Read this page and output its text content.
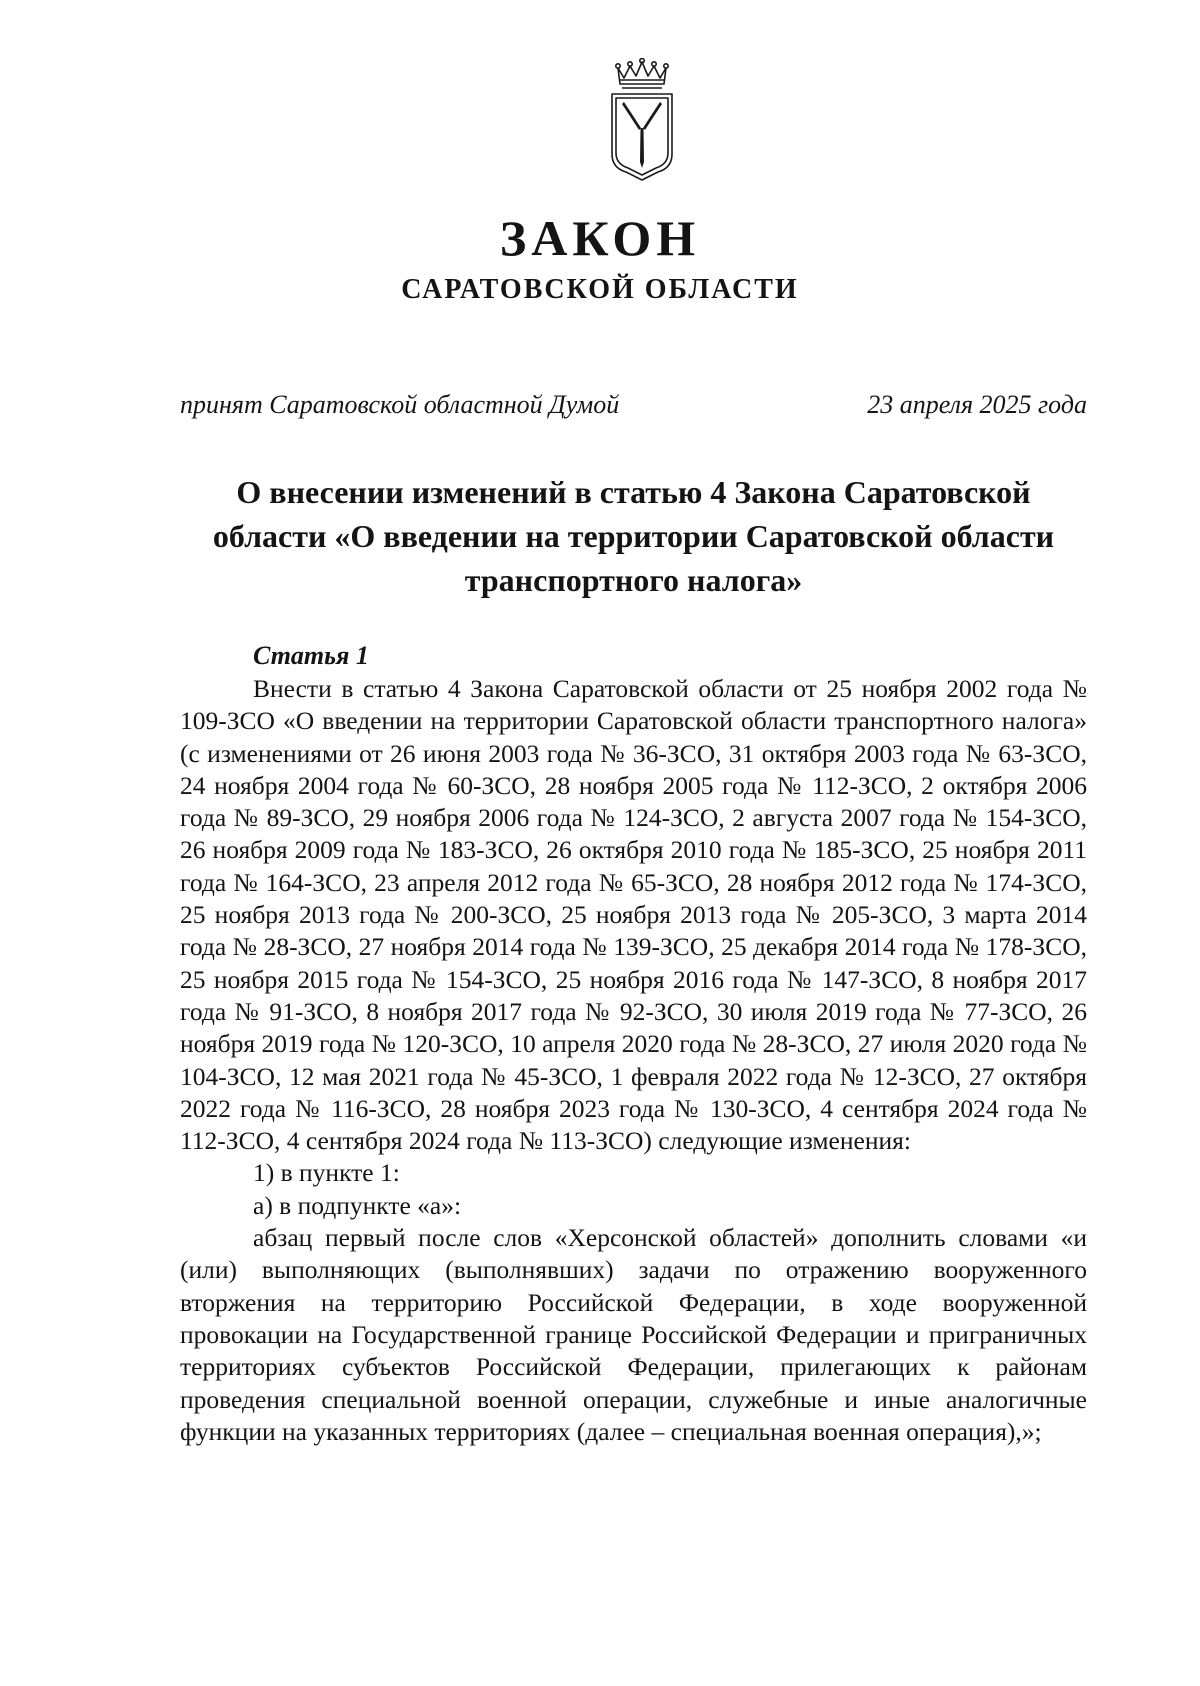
ЗАКОН
САРАТОВСКОЙ ОБЛАСТИ
принят Саратовской областной Думой	23 апреля 2025 года
О внесении изменений в статью 4 Закона Саратовской области «О введении на территории Саратовской области транспортного налога»
Статья 1

Внести в статью 4 Закона Саратовской области от 25 ноября 2002 года № 109-ЗСО «О введении на территории Саратовской области транспортного налога» (с изменениями от 26 июня 2003 года № 36-ЗСО, 31 октября 2003 года № 63-ЗСО, 24 ноября 2004 года № 60-ЗСО, 28 ноября 2005 года № 112-ЗСО, 2 октября 2006 года № 89-ЗСО, 29 ноября 2006 года № 124-ЗСО, 2 августа 2007 года № 154-ЗСО, 26 ноября 2009 года № 183-ЗСО, 26 октября 2010 года № 185-ЗСО, 25 ноября 2011 года № 164-ЗСО, 23 апреля 2012 года № 65-ЗСО, 28 ноября 2012 года № 174-ЗСО, 25 ноября 2013 года № 200-ЗСО, 25 ноября 2013 года № 205-ЗСО, 3 марта 2014 года № 28-ЗСО, 27 ноября 2014 года № 139-ЗСО, 25 декабря 2014 года № 178-ЗСО, 25 ноября 2015 года № 154-ЗСО, 25 ноября 2016 года № 147-ЗСО, 8 ноября 2017 года № 91-ЗСО, 8 ноября 2017 года № 92-ЗСО, 30 июля 2019 года № 77-ЗСО, 26 ноября 2019 года № 120-ЗСО, 10 апреля 2020 года № 28-ЗСО, 27 июля 2020 года № 104-ЗСО, 12 мая 2021 года № 45-ЗСО, 1 февраля 2022 года № 12-ЗСО, 27 октября 2022 года № 116-ЗСО, 28 ноября 2023 года № 130-ЗСО, 4 сентября 2024 года № 112-ЗСО, 4 сентября 2024 года № 113-ЗСО) следующие изменения:

1) в пункте 1:

а) в подпункте «а»:

абзац первый после слов «Херсонской областей» дополнить словами «и (или) выполняющих (выполнявших) задачи по отражению вооруженного вторжения на территорию Российской Федерации, в ходе вооруженной провокации на Государственной границе Российской Федерации и приграничных территориях субъектов Российской Федерации, прилегающих к районам проведения специальной военной операции, служебные и иные аналогичные функции на указанных территориях (далее – специальная военная операция),»;
